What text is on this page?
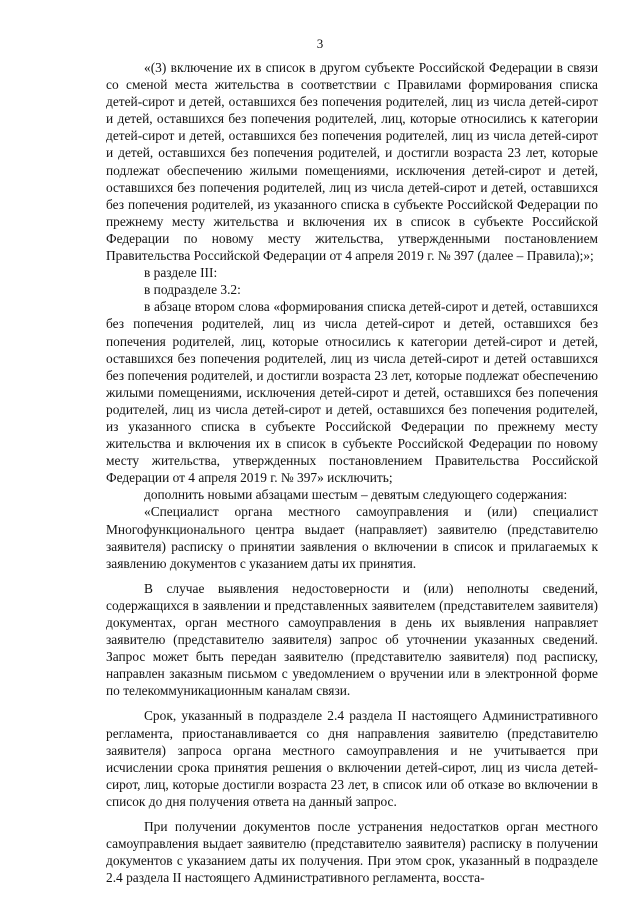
3

«(3) включение их в список в другом субъекте Российской Федерации в связи со сменой места жительства в соответствии с Правилами формирования списка детей-сирот и детей, оставшихся без попечения родителей, лиц из числа детей-сирот и детей, оставшихся без попечения родителей, лиц, которые относились к категории детей-сирот и детей, оставшихся без попечения родителей, лиц из числа детей-сирот и детей, оставшихся без попечения родителей, и достигли возраста 23 лет, которые подлежат обеспечению жилыми помещениями, исключения детей-сирот и детей, оставшихся без попечения родителей, лиц из числа детей-сирот и детей, оставшихся без попечения родителей, из указанного списка в субъекте Российской Федерации по прежнему месту жительства и включения их в список в субъекте Российской Федерации по новому месту жительства, утвержденными постановлением Правительства Российской Федерации от 4 апреля 2019 г. № 397 (далее – Правила);»;

в разделе III:

в подразделе 3.2:

в абзаце втором слова «формирования списка детей-сирот и детей, оставшихся без попечения родителей, лиц из числа детей-сирот и детей, оставшихся без попечения родителей, лиц, которые относились к категории детей-сирот и детей, оставшихся без попечения родителей, лиц из числа детей-сирот и детей оставшихся без попечения родителей, и достигли возраста 23 лет, которые подлежат обеспечению жилыми помещениями, исключения детей-сирот и детей, оставшихся без попечения родителей, лиц из числа детей-сирот и детей, оставшихся без попечения родителей, из указанного списка в субъекте Российской Федерации по прежнему месту жительства и включения их в список в субъекте Российской Федерации по новому месту жительства, утвержденных постановлением Правительства Российской Федерации от 4 апреля 2019 г. № 397» исключить;

дополнить новыми абзацами шестым – девятым следующего содержания:

«Специалист органа местного самоуправления и (или) специалист Многофункционального центра выдает (направляет) заявителю (представителю заявителя) расписку о принятии заявления о включении в список и прилагаемых к заявлению документов с указанием даты их принятия.

В случае выявления недостоверности и (или) неполноты сведений, содержащихся в заявлении и представленных заявителем (представителем заявителя) документах, орган местного самоуправления в день их выявления направляет заявителю (представителю заявителя) запрос об уточнении указанных сведений. Запрос может быть передан заявителю (представителю заявителя) под расписку, направлен заказным письмом с уведомлением о вручении или в электронной форме по телекоммуникационным каналам связи.

Срок, указанный в подразделе 2.4 раздела II настоящего Административного регламента, приостанавливается со дня направления заявителю (представителю заявителя) запроса органа местного самоуправления и не учитывается при исчислении срока принятия решения о включении детей-сирот, лиц из числа детей-сирот, лиц, которые достигли возраста 23 лет, в список или об отказе во включении в список до дня получения ответа на данный запрос.

При получении документов после устранения недостатков орган местного самоуправления выдает заявителю (представителю заявителя) расписку в получении документов с указанием даты их получения. При этом срок, указанный в подразделе 2.4 раздела II настоящего Административного регламента, восста-
